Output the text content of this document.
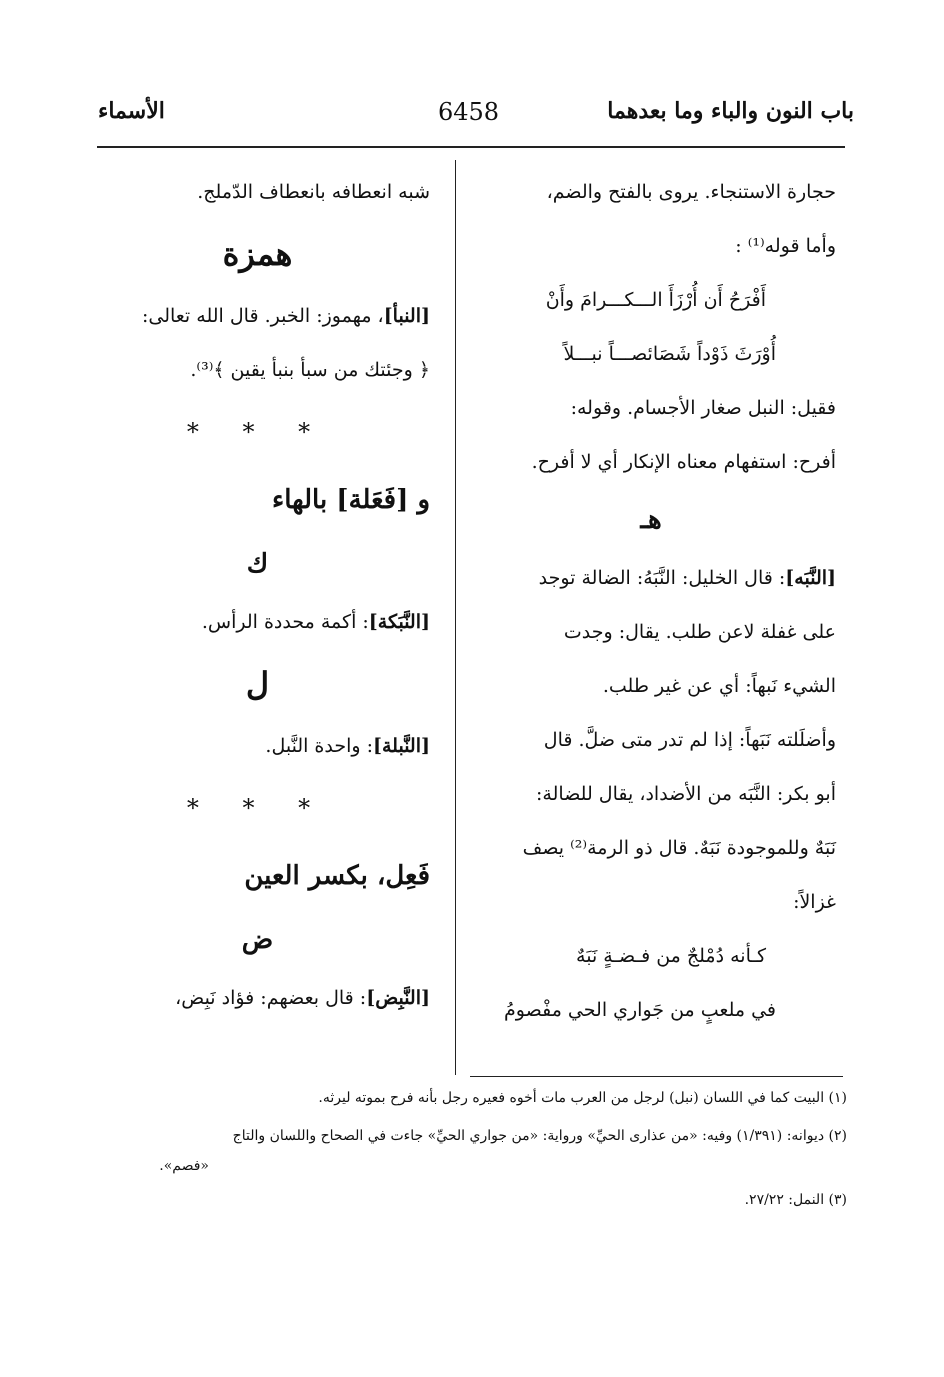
باب النون والباء وما بعدهما
6458
الأسماء
حجارة الاستنجاء. يروى بالفتح والضم،
وأما قوله⁽¹⁾ :
أَفْرَحُ أَن أُرْزَأَ الـــكـــرامَ وأَنْ
أُوْرَثَ ذَوْداً شَصَائصـــاً نبـــلاً
فقيل: النبل صغار الأجسام. وقوله:
أفرح: استفهام معناه الإنكار أي لا أفرح.
هـ
[النَّبَه]: قال الخليل: النَّبَهُ: الضالة توجد
على غفلة لاعن طلب. يقال: وجدت
الشيء نَبهاً: أي عن غير طلب.
وأضلَلته نَبَهاً: إذا لم تدر متى ضلَّ. قال
أبو بكر: النَّبَه من الأضداد، يقال للضالة:
نَبَهٌ وللموجودة نَبَهٌ. قال ذو الرمة⁽²⁾ يصف
غزالاً:
كـأنه دُمْلجٌ من فـضـةٍ نَبَهٌ
في ملعبٍ من جَواري الحي مفْصومُ
شبه انعطافه بانعطاف الدّملج.
همزة
[النبأ]، مهموز: الخبر. قال الله تعالى:
﴿ وجئتك من سبأ بنبأ يقين ﴾⁽³⁾.
* * *
و [فَعَلة] بالهاء
ك
[النَّبَكة]: أكمة محددة الرأس.
ل
[النَّبلة]: واحدة النَّبل.
* * *
فَعِل، بكسر العين
ض
[النَّبِض]: قال بعضهم: فؤاد نَبِض،
(١) البيت كما في اللسان (نبل) لرجل من العرب مات أخوه فعيره رجل بأنه فرح بموته ليرثه.
(٢) ديوانه: (١/٣٩١) وفيه: «من عذارى الحيِّ» ورواية: «من جواري الحيِّ» جاءت في الصحاح واللسان والتاج
«فصم».
(٣) النمل: ٢٧/٢٢.
